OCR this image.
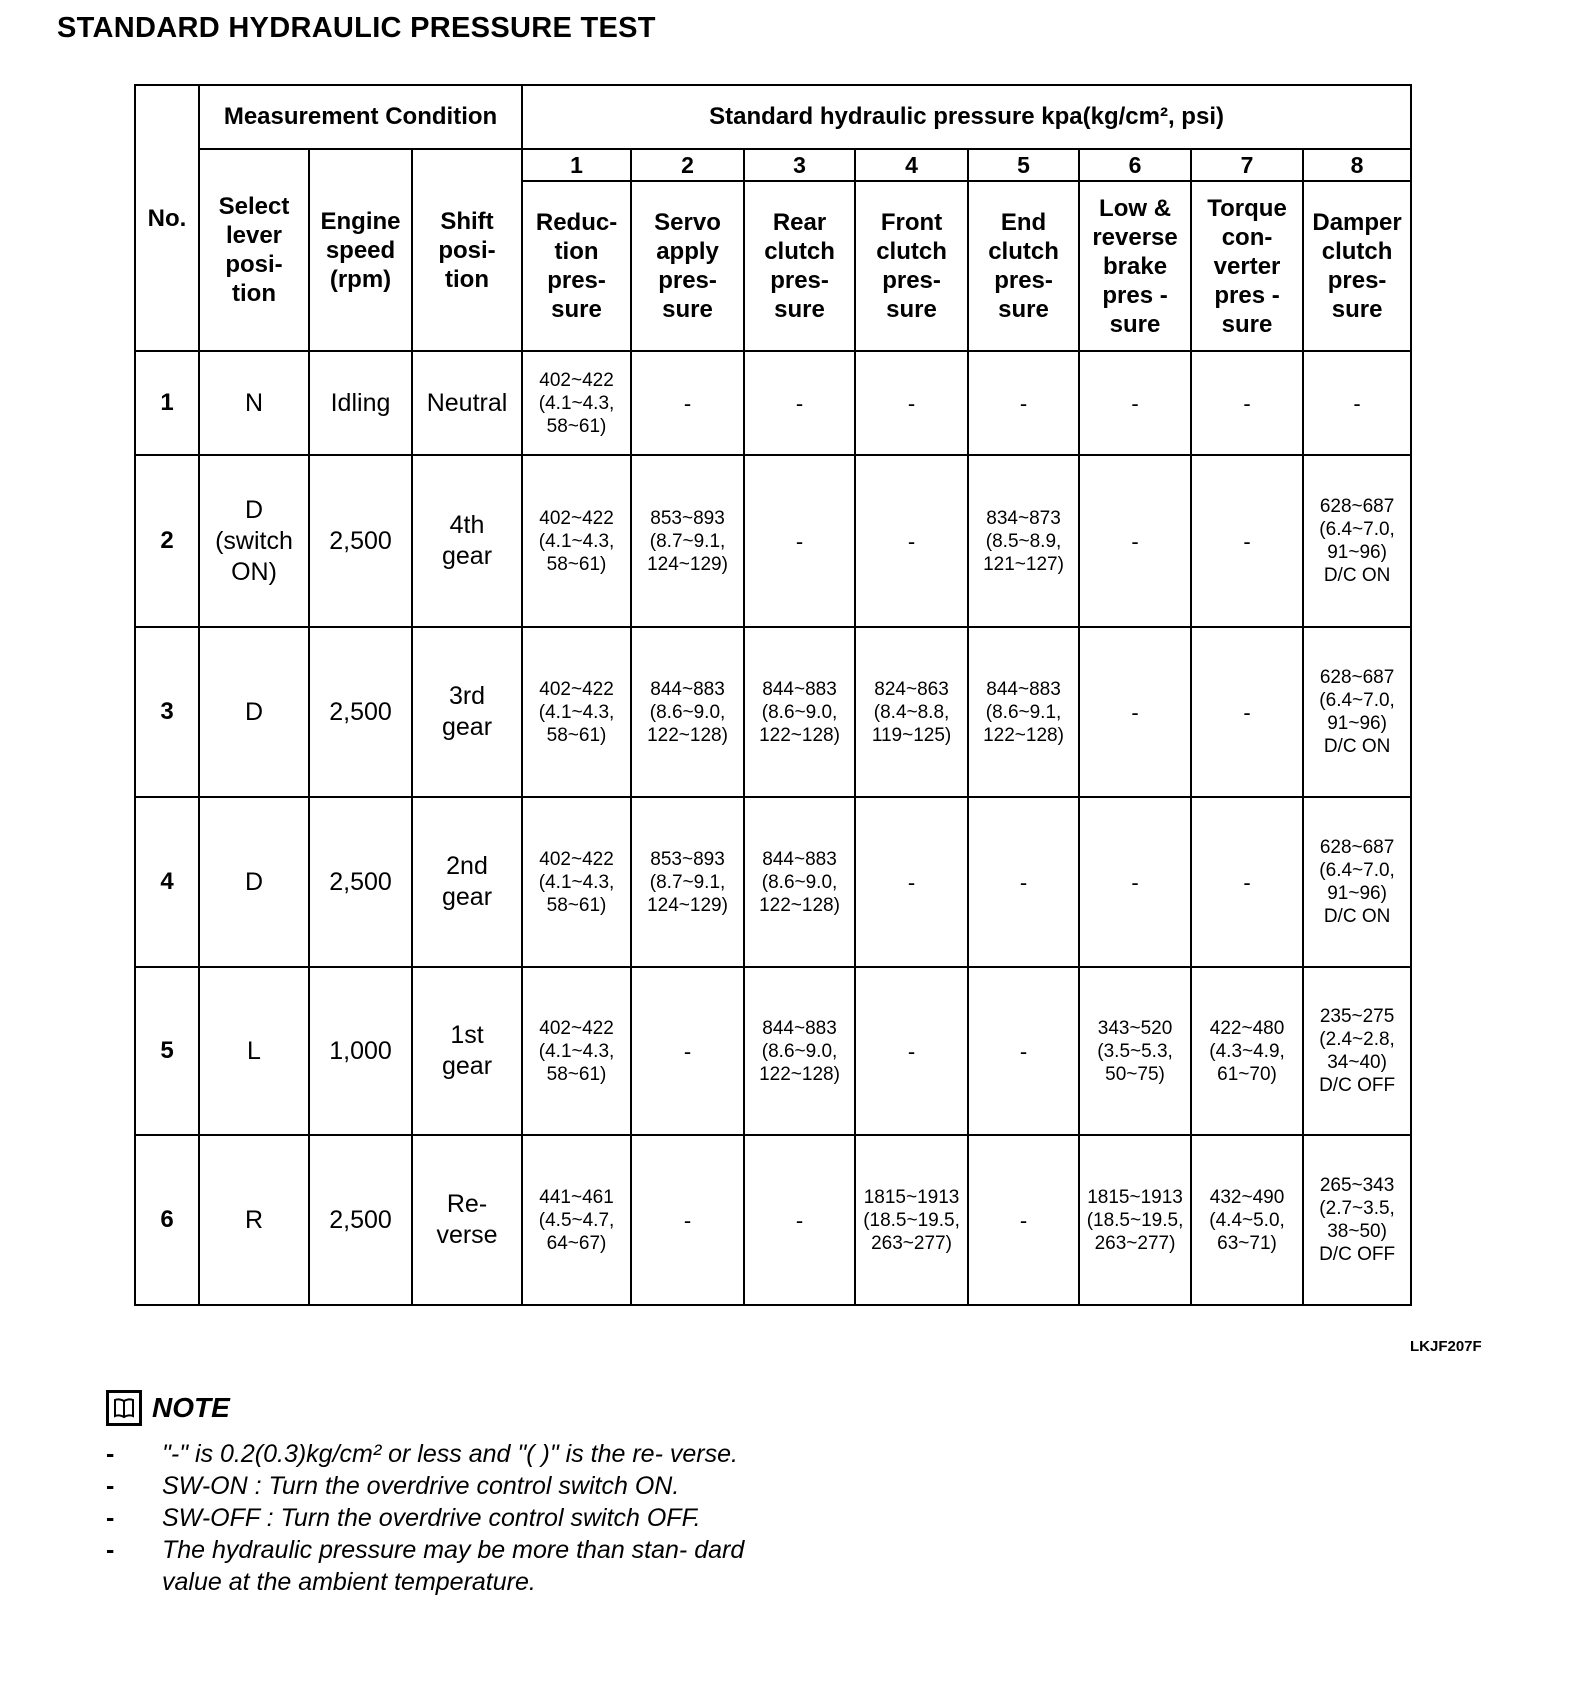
STANDARD HYDRAULIC PRESSURE TEST
No.	Measurement Condition			Standard hydraulic pressure kpa(kg/cm², psi)							
	Select lever posi- tion	Engine speed (rpm)	Shift posi- tion	1	2	3	4	5	6	7	8
				Reduc- tion pres- sure	Servo apply pres- sure	Rear clutch pres- sure	Front clutch pres- sure	End clutch pres- sure	Low & reverse brake pres -sure	Torque con- verter pres -sure	Damper clutch pres- sure
1	N	Idling	Neutral	402~422
(4.1~4.3,
58~61)	-	-	-	-	-	-	-
2	D
(switch
ON)	2,500	4th
gear	402~422
(4.1~4.3,
58~61)	853~893
(8.7~9.1,
124~129)	-	-	834~873
(8.5~8.9,
121~127)	-	-	628~687
(6.4~7.0,
91~96)
D/C ON
3	D	2,500	3rd
gear	402~422
(4.1~4.3,
58~61)	844~883
(8.6~9.0,
122~128)	844~883
(8.6~9.0,
122~128)	824~863
(8.4~8.8,
119~125)	844~883
(8.6~9.1,
122~128)	-	-	628~687
(6.4~7.0,
91~96)
D/C ON
4	D	2,500	2nd
gear	402~422
(4.1~4.3,
58~61)	853~893
(8.7~9.1,
124~129)	844~883
(8.6~9.0,
122~128)	-	-	-	-	628~687
(6.4~7.0,
91~96)
D/C ON
5	L	1,000	1st
gear	402~422
(4.1~4.3,
58~61)	-	844~883
(8.6~9.0,
122~128)	-	-	343~520
(3.5~5.3,
50~75)	422~480
(4.3~4.9,
61~70)	235~275
(2.4~2.8,
34~40)
D/C OFF
6	R	2,500	Re-
verse	441~461
(4.5~4.7,
64~67)	-	-	1815~1913
(18.5~19.5,
263~277)	-	1815~1913
(18.5~19.5,
263~277)	432~490
(4.4~5.0,
63~71)	265~343
(2.7~3.5,
38~50)
D/C OFF
LKJF207F
NOTE
- "-" is 0.2(0.3)kg/cm² or less and "( )" is the re- verse.
- SW-ON : Turn the overdrive control switch ON.
- SW-OFF : Turn the overdrive control switch OFF.
- The hydraulic pressure may be more than stan- dard value at the ambient temperature.
